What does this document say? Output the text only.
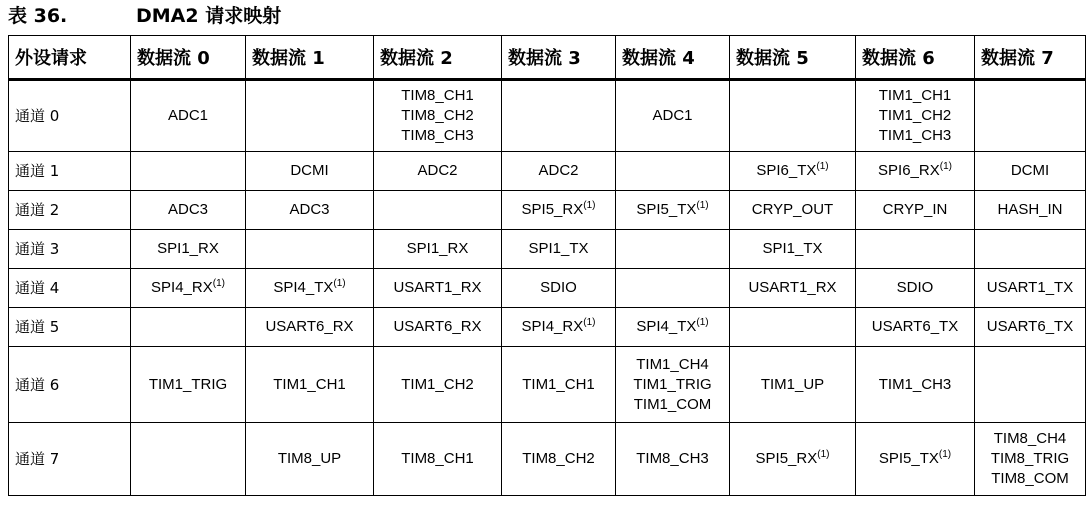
表 36.	DMA2 请求映射
外设请求	数据流 0	数据流 1	数据流 2	数据流 3	数据流 4	数据流 5	数据流 6	数据流 7
通道 0	ADC1		TIM8_CH1
TIM8_CH2
TIM8_CH3		ADC1		TIM1_CH1
TIM1_CH2
TIM1_CH3	

通道 1		DCMI	ADC2	ADC2		SPI6_TX$^{(1)}$	SPI6_RX$^{(1)}$	DCMI

通道 2	ADC3	ADC3		SPI5_RX$^{(1)}$	SPI5_TX$^{(1)}$	CRYP_OUT	CRYP_IN	HASH_IN

通道 3	SPI1_RX		SPI1_RX	SPI1_TX		SPI1_TX		

通道 4	SPI4_RX$^{(1)}$	SPI4_TX$^{(1)}$	USART1_RX	SDIO		USART1_RX	SDIO	USART1_TX

通道 5		USART6_RX	USART6_RX	SPI4_RX$^{(1)}$	SPI4_TX$^{(1)}$		USART6_TX	USART6_TX

通道 6	TIM1_TRIG	TIM1_CH1	TIM1_CH2	TIM1_CH1	TIM1_CH4
TIM1_TRIG
TIM1_COM	TIM1_UP	TIM1_CH3	

通道 7		TIM8_UP	TIM8_CH1	TIM8_CH2	TIM8_CH3	SPI5_RX$^{(1)}$	SPI5_TX$^{(1)}$	TIM8_CH4
TIM8_TRIG
TIM8_COM
